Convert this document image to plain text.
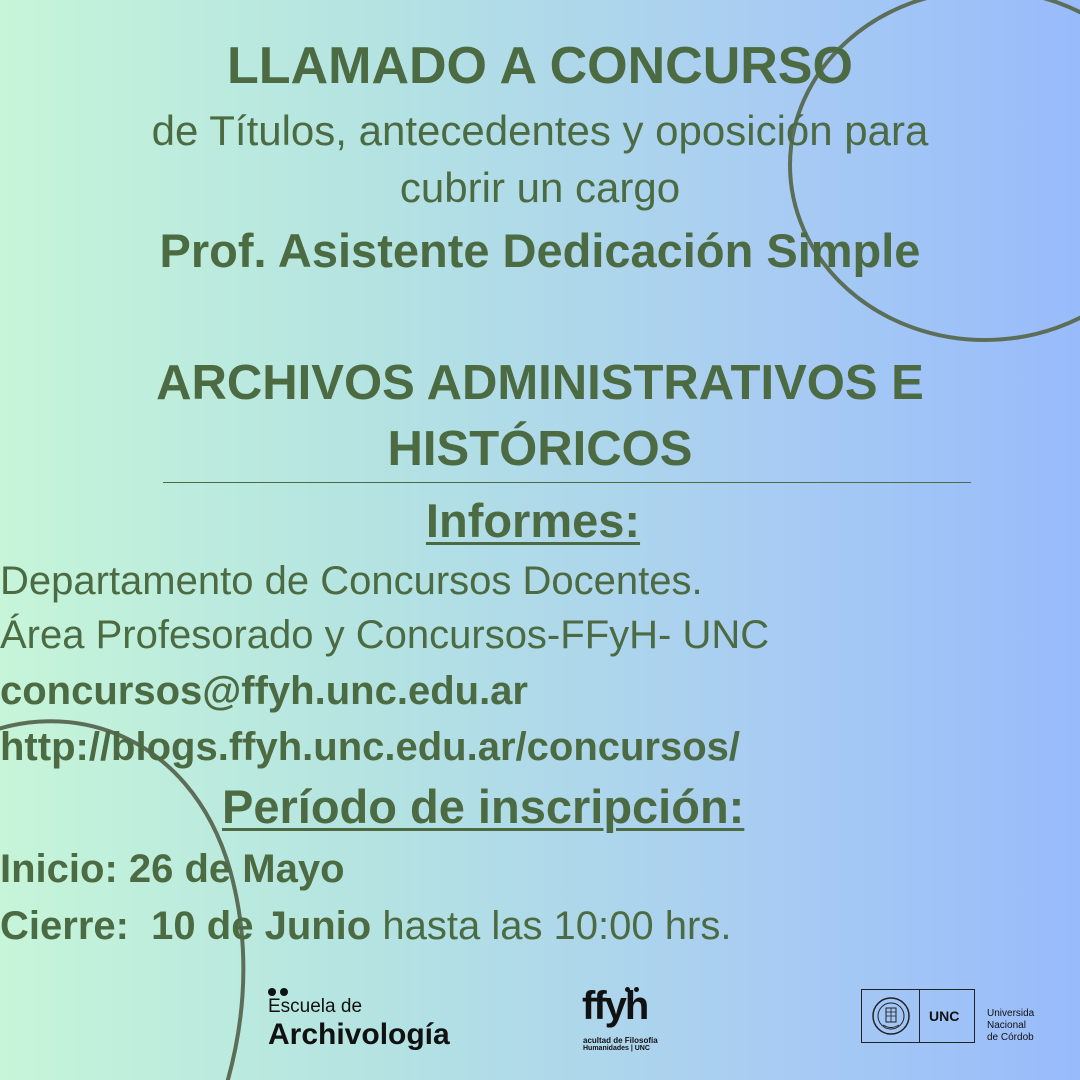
LLAMADO A CONCURSO
de Títulos, antecedentes y oposición para
cubrir un cargo
Prof. Asistente Dedicación Simple
ARCHIVOS ADMINISTRATIVOS E
HISTÓRICOS
Informes:
Departamento de Concursos Docentes.
Área Profesorado y Concursos-FFyH- UNC
concursos@ffyh.unc.edu.ar
http://blogs.ffyh.unc.edu.ar/concursos/
Período de inscripción:
Inicio: 26 de Mayo
Cierre:  10 de Junio hasta las 10:00 hrs.

Escuela de
Archivología

ffyh
acultad de Filosofía
Humanidades | UNC
UNC	Universida
Nacional
de Córdob
